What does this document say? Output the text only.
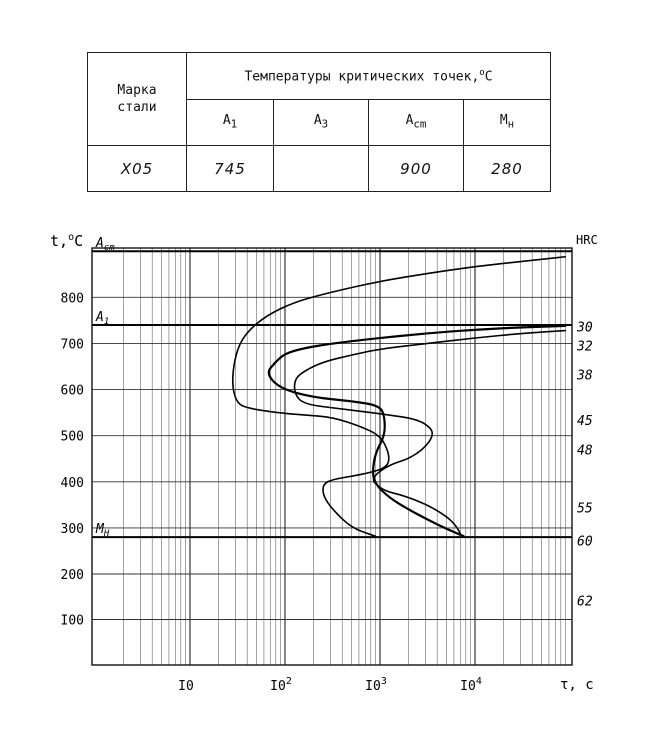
Марка
стали	Температуры критических точек,$^о$С			
	$A_1$	$A_3$	$A_{cm}$	$M_н$
Х05	745		900	280
$A_{cm}$
$A_1$
$M_H$
800
700
600
500
400
300
200
I00
I0	$I0^2$	$I0^3$	$I0^4$
30
32
38
45
48
55
60
62
t,$^o$C
τ, с
HRC
